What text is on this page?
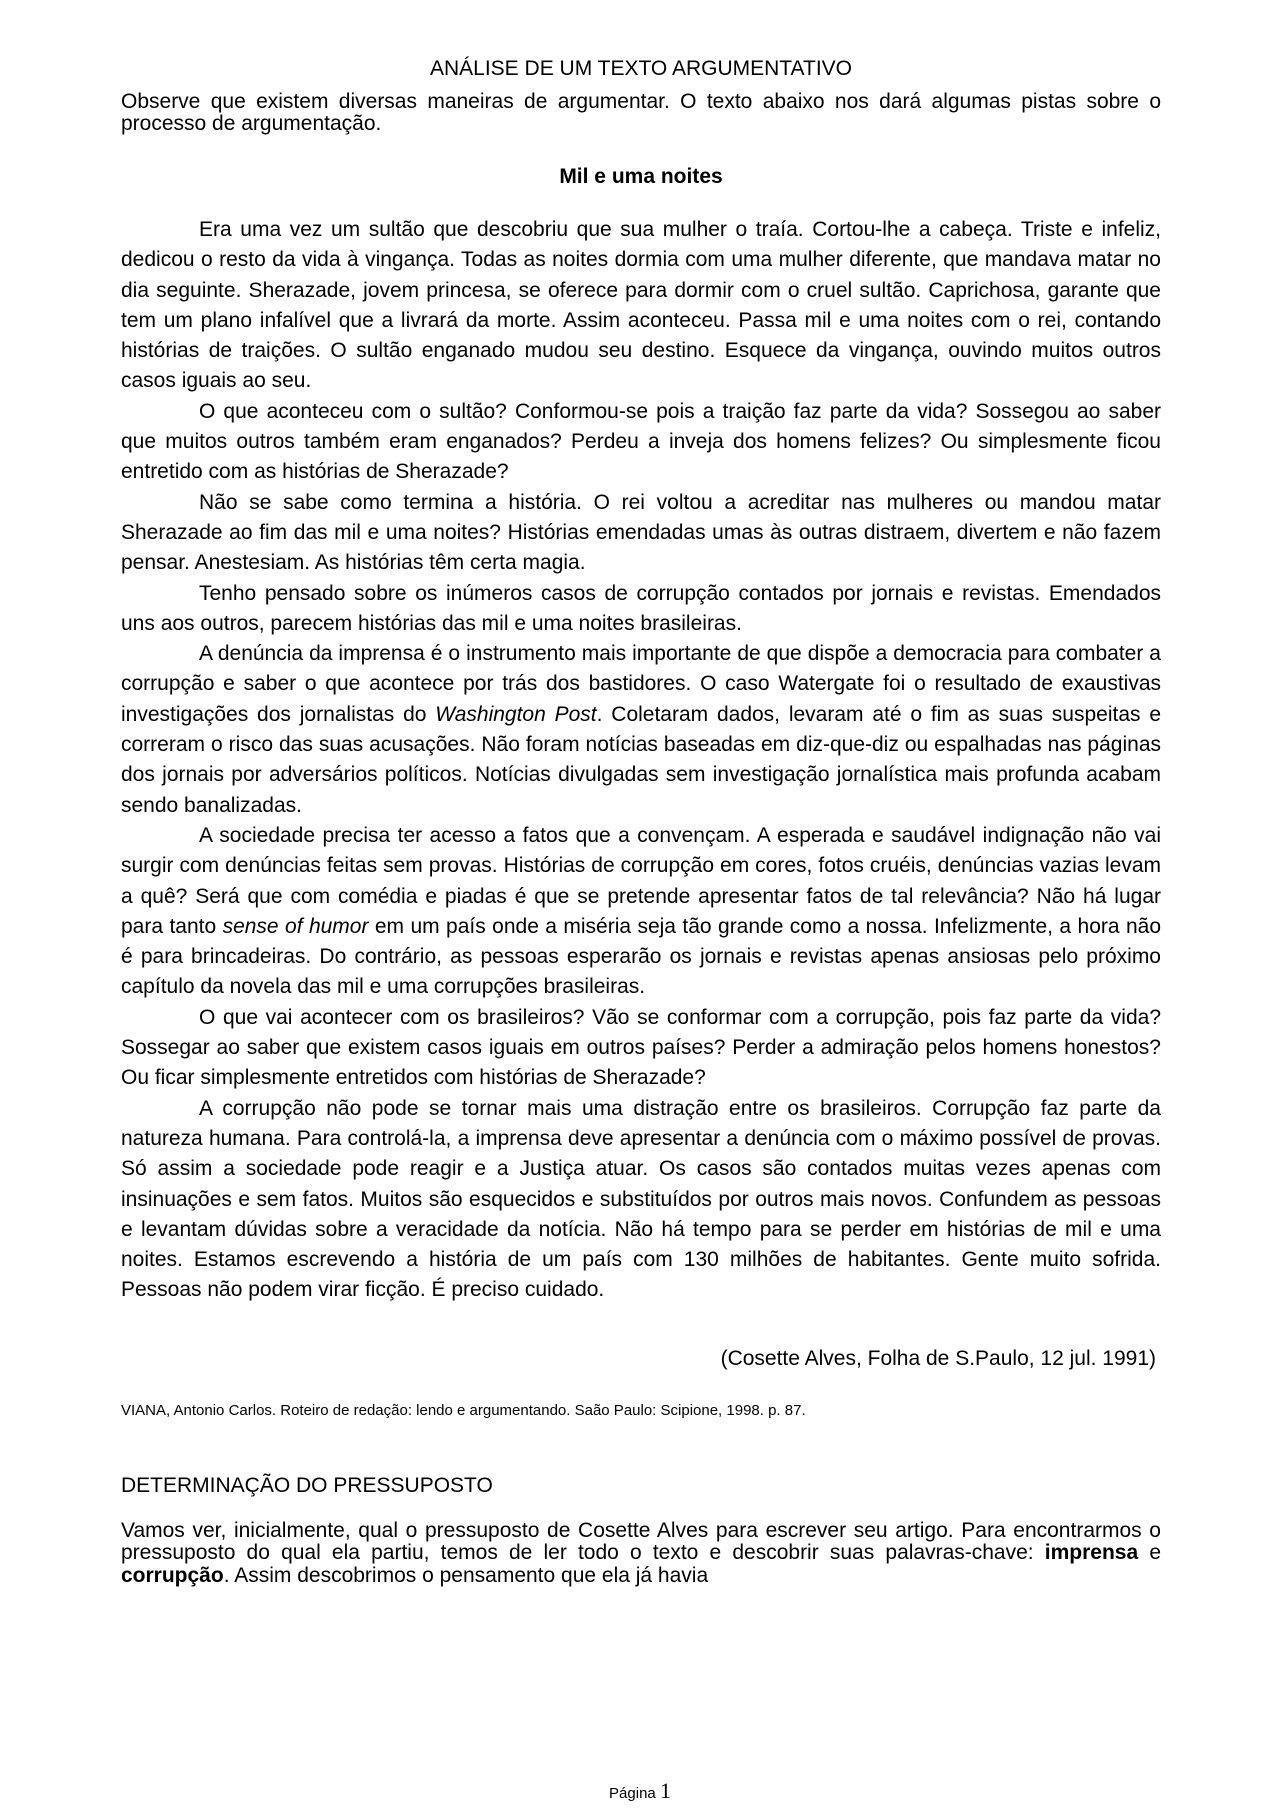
ANÁLISE DE UM TEXTO ARGUMENTATIVO

Observe que existem diversas maneiras de argumentar. O texto abaixo nos dará algumas pistas sobre o processo de argumentação.

Mil e uma noites

Era uma vez um sultão que descobriu que sua mulher o traía. Cortou-lhe a cabeça. Triste e infeliz, dedicou o resto da vida à vingança. Todas as noites dormia com uma mulher diferente, que mandava matar no dia seguinte. Sherazade, jovem princesa, se oferece para dormir com o cruel sultão. Caprichosa, garante que tem um plano infalível que a livrará da morte. Assim aconteceu. Passa mil e uma noites com o rei, contando histórias de traições. O sultão enganado mudou seu destino. Esquece da vingança, ouvindo muitos outros casos iguais ao seu.

O que aconteceu com o sultão? Conformou-se pois a traição faz parte da vida? Sossegou ao saber que muitos outros também eram enganados? Perdeu a inveja dos homens felizes? Ou simplesmente ficou entretido com as histórias de Sherazade?

Não se sabe como termina a história. O rei voltou a acreditar nas mulheres ou mandou matar Sherazade ao fim das mil e uma noites? Histórias emendadas umas às outras distraem, divertem e não fazem pensar. Anestesiam. As histórias têm certa magia.

Tenho pensado sobre os inúmeros casos de corrupção contados por jornais e revistas. Emendados uns aos outros, parecem histórias das mil e uma noites brasileiras.

A denúncia da imprensa é o instrumento mais importante de que dispõe a democracia para combater a corrupção e saber o que acontece por trás dos bastidores. O caso Watergate foi o resultado de exaustivas investigações dos jornalistas do Washington Post. Coletaram dados, levaram até o fim as suas suspeitas e correram o risco das suas acusações. Não foram notícias baseadas em diz-que-diz ou espalhadas nas páginas dos jornais por adversários políticos. Notícias divulgadas sem investigação jornalística mais profunda acabam sendo banalizadas.

A sociedade precisa ter acesso a fatos que a convençam. A esperada e saudável indignação não vai surgir com denúncias feitas sem provas. Histórias de corrupção em cores, fotos cruéis, denúncias vazias levam a quê? Será que com comédia e piadas é que se pretende apresentar fatos de tal relevância? Não há lugar para tanto sense of humor em um país onde a miséria seja tão grande como a nossa. Infelizmente, a hora não é para brincadeiras. Do contrário, as pessoas esperarão os jornais e revistas apenas ansiosas pelo próximo capítulo da novela das mil e uma corrupções brasileiras.

O que vai acontecer com os brasileiros? Vão se conformar com a corrupção, pois faz parte da vida? Sossegar ao saber que existem casos iguais em outros países? Perder a admiração pelos homens honestos? Ou ficar simplesmente entretidos com histórias de Sherazade?

A corrupção não pode se tornar mais uma distração entre os brasileiros. Corrupção faz parte da natureza humana. Para controlá-la, a imprensa deve apresentar a denúncia com o máximo possível de provas. Só assim a sociedade pode reagir e a Justiça atuar. Os casos são contados muitas vezes apenas com insinuações e sem fatos. Muitos são esquecidos e substituídos por outros mais novos. Confundem as pessoas e levantam dúvidas sobre a veracidade da notícia. Não há tempo para se perder em histórias de mil e uma noites. Estamos escrevendo a história de um país com 130 milhões de habitantes. Gente muito sofrida. Pessoas não podem virar ficção. É preciso cuidado.

(Cosette Alves, Folha de S.Paulo, 12 jul. 1991)
VIANA, Antonio Carlos. Roteiro de redação: lendo e argumentando. Saão Paulo: Scipione, 1998. p. 87.
DETERMINAÇÃO DO PRESSUPOSTO

Vamos ver, inicialmente, qual o pressuposto de Cosette Alves para escrever seu artigo. Para encontrarmos o pressuposto do qual ela partiu, temos de ler todo o texto e descobrir suas palavras-chave: imprensa e corrupção. Assim descobrimos o pensamento que ela já havia

Página 1
